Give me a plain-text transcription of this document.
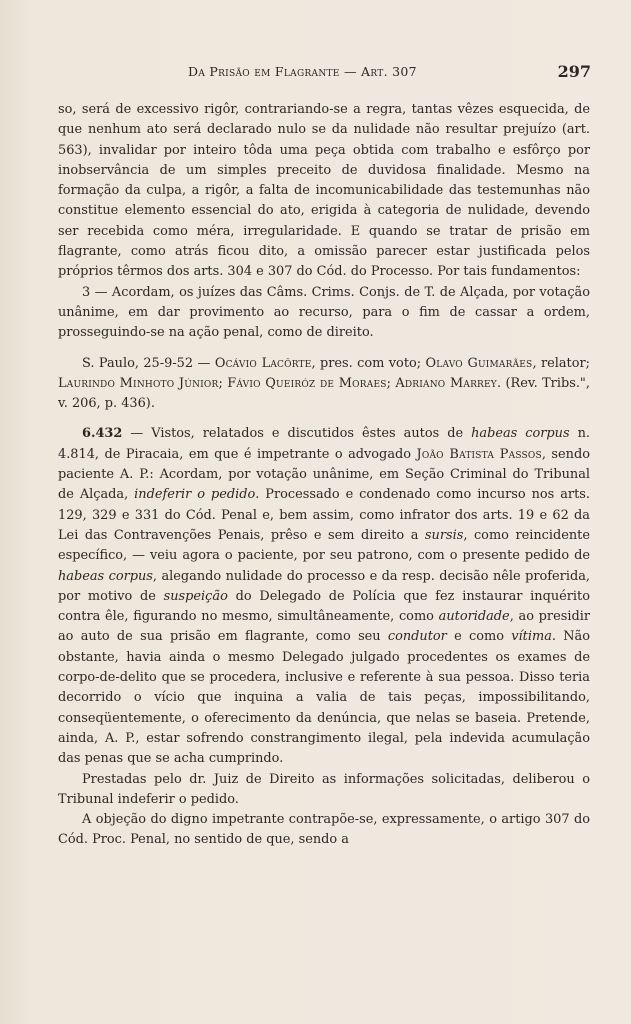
Da Prisão em Flagrante — Art. 307	297

so, será de excessivo rigôr, contrariando-se a regra, tantas vêzes esquecida, de que nenhum ato será declarado nulo se da nulidade não resultar prejuízo (art. 563), invalidar por inteiro tôda uma peça obtida com trabalho e esfôrço por inobservância de um simples preceito de duvidosa finalidade. Mesmo na formação da culpa, a rigôr, a falta de incomunicabilidade das testemunhas não constitue elemento essencial do ato, erigida à categoria de nulidade, devendo ser recebida como méra, irregularidade. E quando se tratar de prisão em flagrante, como atrás ficou dito, a omissão parecer estar justificada pelos próprios têrmos dos arts. 304 e 307 do Cód. do Processo. Por tais fundamentos:

3 — Acordam, os juízes das Câms. Crims. Conjs. de T. de Alçada, por votação unânime, em dar provimento ao recurso, para o fim de cassar a ordem, prosseguindo-se na ação penal, como de direito.

S. Paulo, 25-9-52 — Ocávio Lacôrte, pres. com voto; Olavo Guimarães, relator; Laurindo Minhoto Júnior; Fávio Queiróz de Moraes; Adriano Marrey. (Rev. Tribs.", v. 206, p. 436).

6.432 — Vistos, relatados e discutidos êstes autos de habeas corpus n. 4.814, de Piracaia, em que é impetrante o advogado João Batista Passos, sendo paciente A. P.: Acordam, por votação unânime, em Seção Criminal do Tribunal de Alçada, indeferir o pedido. Processado e condenado como incurso nos arts. 129, 329 e 331 do Cód. Penal e, bem assim, como infrator dos arts. 19 e 62 da Lei das Contravenções Penais, prêso e sem direito a sursis, como reincidente específico, — veiu agora o paciente, por seu patrono, com o presente pedido de habeas corpus, alegando nulidade do processo e da resp. decisão nêle proferida, por motivo de suspeição do Delegado de Polícia que fez instaurar inquérito contra êle, figurando no mesmo, simultâneamente, como autoridade, ao presidir ao auto de sua prisão em flagrante, como seu condutor e como vítima. Não obstante, havia ainda o mesmo Delegado julgado procedentes os exames de corpo-de-delito que se procedera, inclusive e referente à sua pessoa. Disso teria decorrido o vício que inquina a valia de tais peças, impossibilitando, conseqüentemente, o oferecimento da denúncia, que nelas se baseia. Pretende, ainda, A. P., estar sofrendo constrangimento ilegal, pela indevida acumulação das penas que se acha cumprindo.

Prestadas pelo dr. Juiz de Direito as informações solicitadas, deliberou o Tribunal indeferir o pedido.

A objeção do digno impetrante contrapõe-se, expressamente, o artigo 307 do Cód. Proc. Penal, no sentido de que, sendo a
